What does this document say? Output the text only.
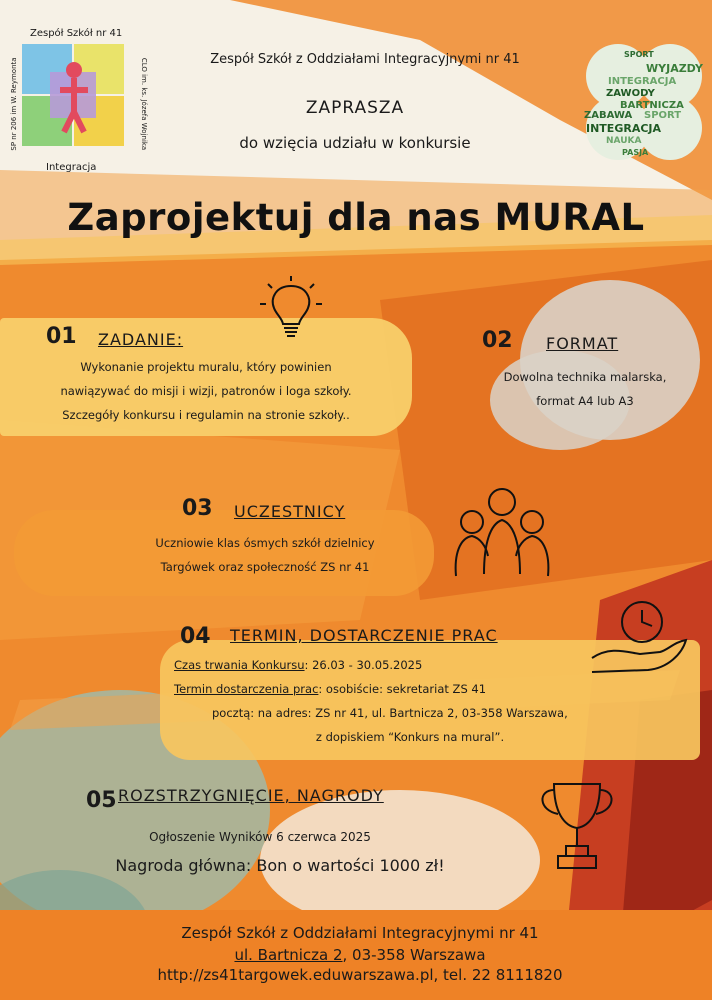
Zespół Szkół nr 41
SP nr 206 im W. Reymonta	CLO im. ks. Józefa Wojnika
Integracja
Zespół Szkół z Oddziałami Integracyjnymi nr 41
ZAPRASZA
do wzięcia udziału w konkursie
SPORT
WYJAZDY
INTEGRACJA
ZAWODY
BARTNICZA
ZABAWA SPORT
INTEGRACJA
NAUKA
PASJA
Zaprojektuj dla nas MURAL
01 ZADANIE:
Wykonanie projektu muralu, który powinien
nawiązywać do misji i wizji, patronów i loga szkoły.
Szczegóły konkursu i regulamin na stronie szkoły..
02 FORMAT
Dowolna technika malarska,
format A4 lub A3
03 UCZESTNICY
Uczniowie klas ósmych szkół dzielnicy
Targówek oraz społeczność ZS nr 41
04 TERMIN, DOSTARCZENIE PRAC
Czas trwania Konkursu: 26.03 - 30.05.2025
Termin dostarczenia prac: osobiście: sekretariat ZS 41
pocztą: na adres: ZS nr 41, ul. Bartnicza 2, 03-358 Warszawa,
z dopiskiem “Konkurs na mural”.
05 ROZSTRZYGNIĘCIE, NAGRODY
Ogłoszenie Wyników 6 czerwca 2025
Nagroda główna: Bon o wartości 1000 zł!
Zespół Szkół z Oddziałami Integracyjnymi nr 41
ul. Bartnicza 2, 03-358 Warszawa
http://zs41targowek.eduwarszawa.pl, tel. 22 8111820
